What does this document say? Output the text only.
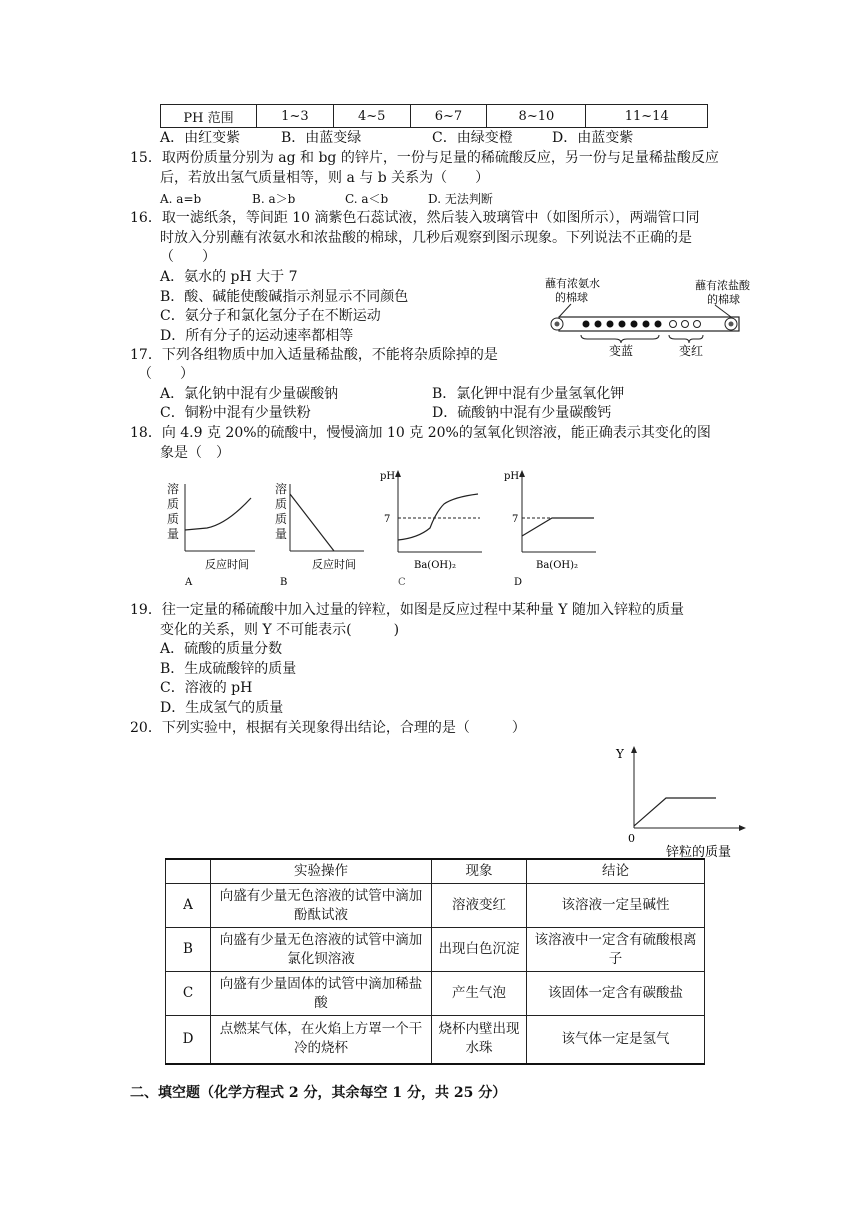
PH 范围	1~3	4~5	6~7	8~10	11~14
A．由红变紫	B．由蓝变绿	C．由绿变橙	D．由蓝变紫
15．取两份质量分别为 ag 和 bg 的锌片，一份与足量的稀硫酸反应，另一份与足量稀盐酸反应
后，若放出氢气质量相等，则 a 与 b 关系为（　　）
A. a=b	B. a＞b	C. a＜b	D. 无法判断
16．取一滤纸条，等间距 10 滴紫色石蕊试液，然后装入玻璃管中（如图所示），两端管口同
时放入分别蘸有浓氨水和浓盐酸的棉球，几秒后观察到图示现象。下列说法不正确的是
（　　）
A．氨水的 pH 大于 7
B．酸、碱能使酸碱指示剂显示不同颜色
C．氨分子和氯化氢分子在不断运动
D．所有分子的运动速率都相等
蘸有浓氨水
的棉球
蘸有浓盐酸
的棉球
变蓝	变红
17．下列各组物质中加入适量稀盐酸，不能将杂质除掉的是
（　　）
A．氯化钠中混有少量碳酸钠	B．氯化钾中混有少量氢氧化钾
C．铜粉中混有少量铁粉	D．硫酸钠中混有少量碳酸钙
18．向 4.9 克 20%的硫酸中，慢慢滴加 10 克 20%的氢氧化钡溶液，能正确表示其变化的图
象是（　）
反应时间
A
溶质质量
反应时间
B
溶质质量
pH
7
Ba(OH)₂
C
pH
7
Ba(OH)₂
D
19．往一定量的稀硫酸中加入过量的锌粒，如图是反应过程中某种量 Y 随加入锌粒的质量
变化的关系，则 Y 不可能表示(　　　)
A．硫酸的质量分数
B．生成硫酸锌的质量
C．溶液的 pH
D．生成氢气的质量
20．下列实验中，根据有关现象得出结论，合理的是（　　　）
Y
0
锌粒的质量
	实验操作	现象	结论
A	向盛有少量无色溶液的试管中滴加酚酞试液	溶液变红	该溶液一定呈碱性
B	向盛有少量无色溶液的试管中滴加氯化钡溶液	出现白色沉淀	该溶液中一定含有硫酸根离子
C	向盛有少量固体的试管中滴加稀盐酸	产生气泡	该固体一定含有碳酸盐
D	点燃某气体，在火焰上方罩一个干冷的烧杯	烧杯内壁出现水珠	该气体一定是氢气
二、填空题（化学方程式 2 分，其余每空 1 分，共 25 分）
